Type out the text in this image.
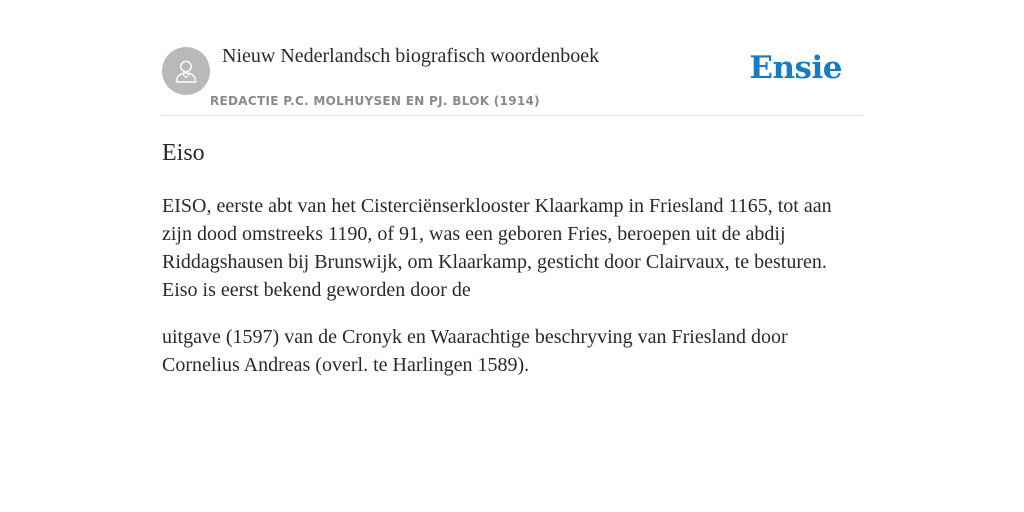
Nieuw Nederlandsch biografisch woordenboek
REDACTIE P.C. MOLHUYSEN EN PJ. BLOK (1914)
Ensie
Eiso

EISO, eerste abt van het Cisterciënserklooster Klaarkamp in Friesland 1165, tot aan zijn dood omstreeks 1190, of 91, was een geboren Fries, beroepen uit de abdij Riddagshausen bij Brunswijk, om Klaarkamp, gesticht door Clairvaux, te besturen. Eiso is eerst bekend geworden door de

uitgave (1597) van de Cronyk en Waarachtige beschryving van Friesland door Cornelius Andreas (overl. te Harlingen 1589).
